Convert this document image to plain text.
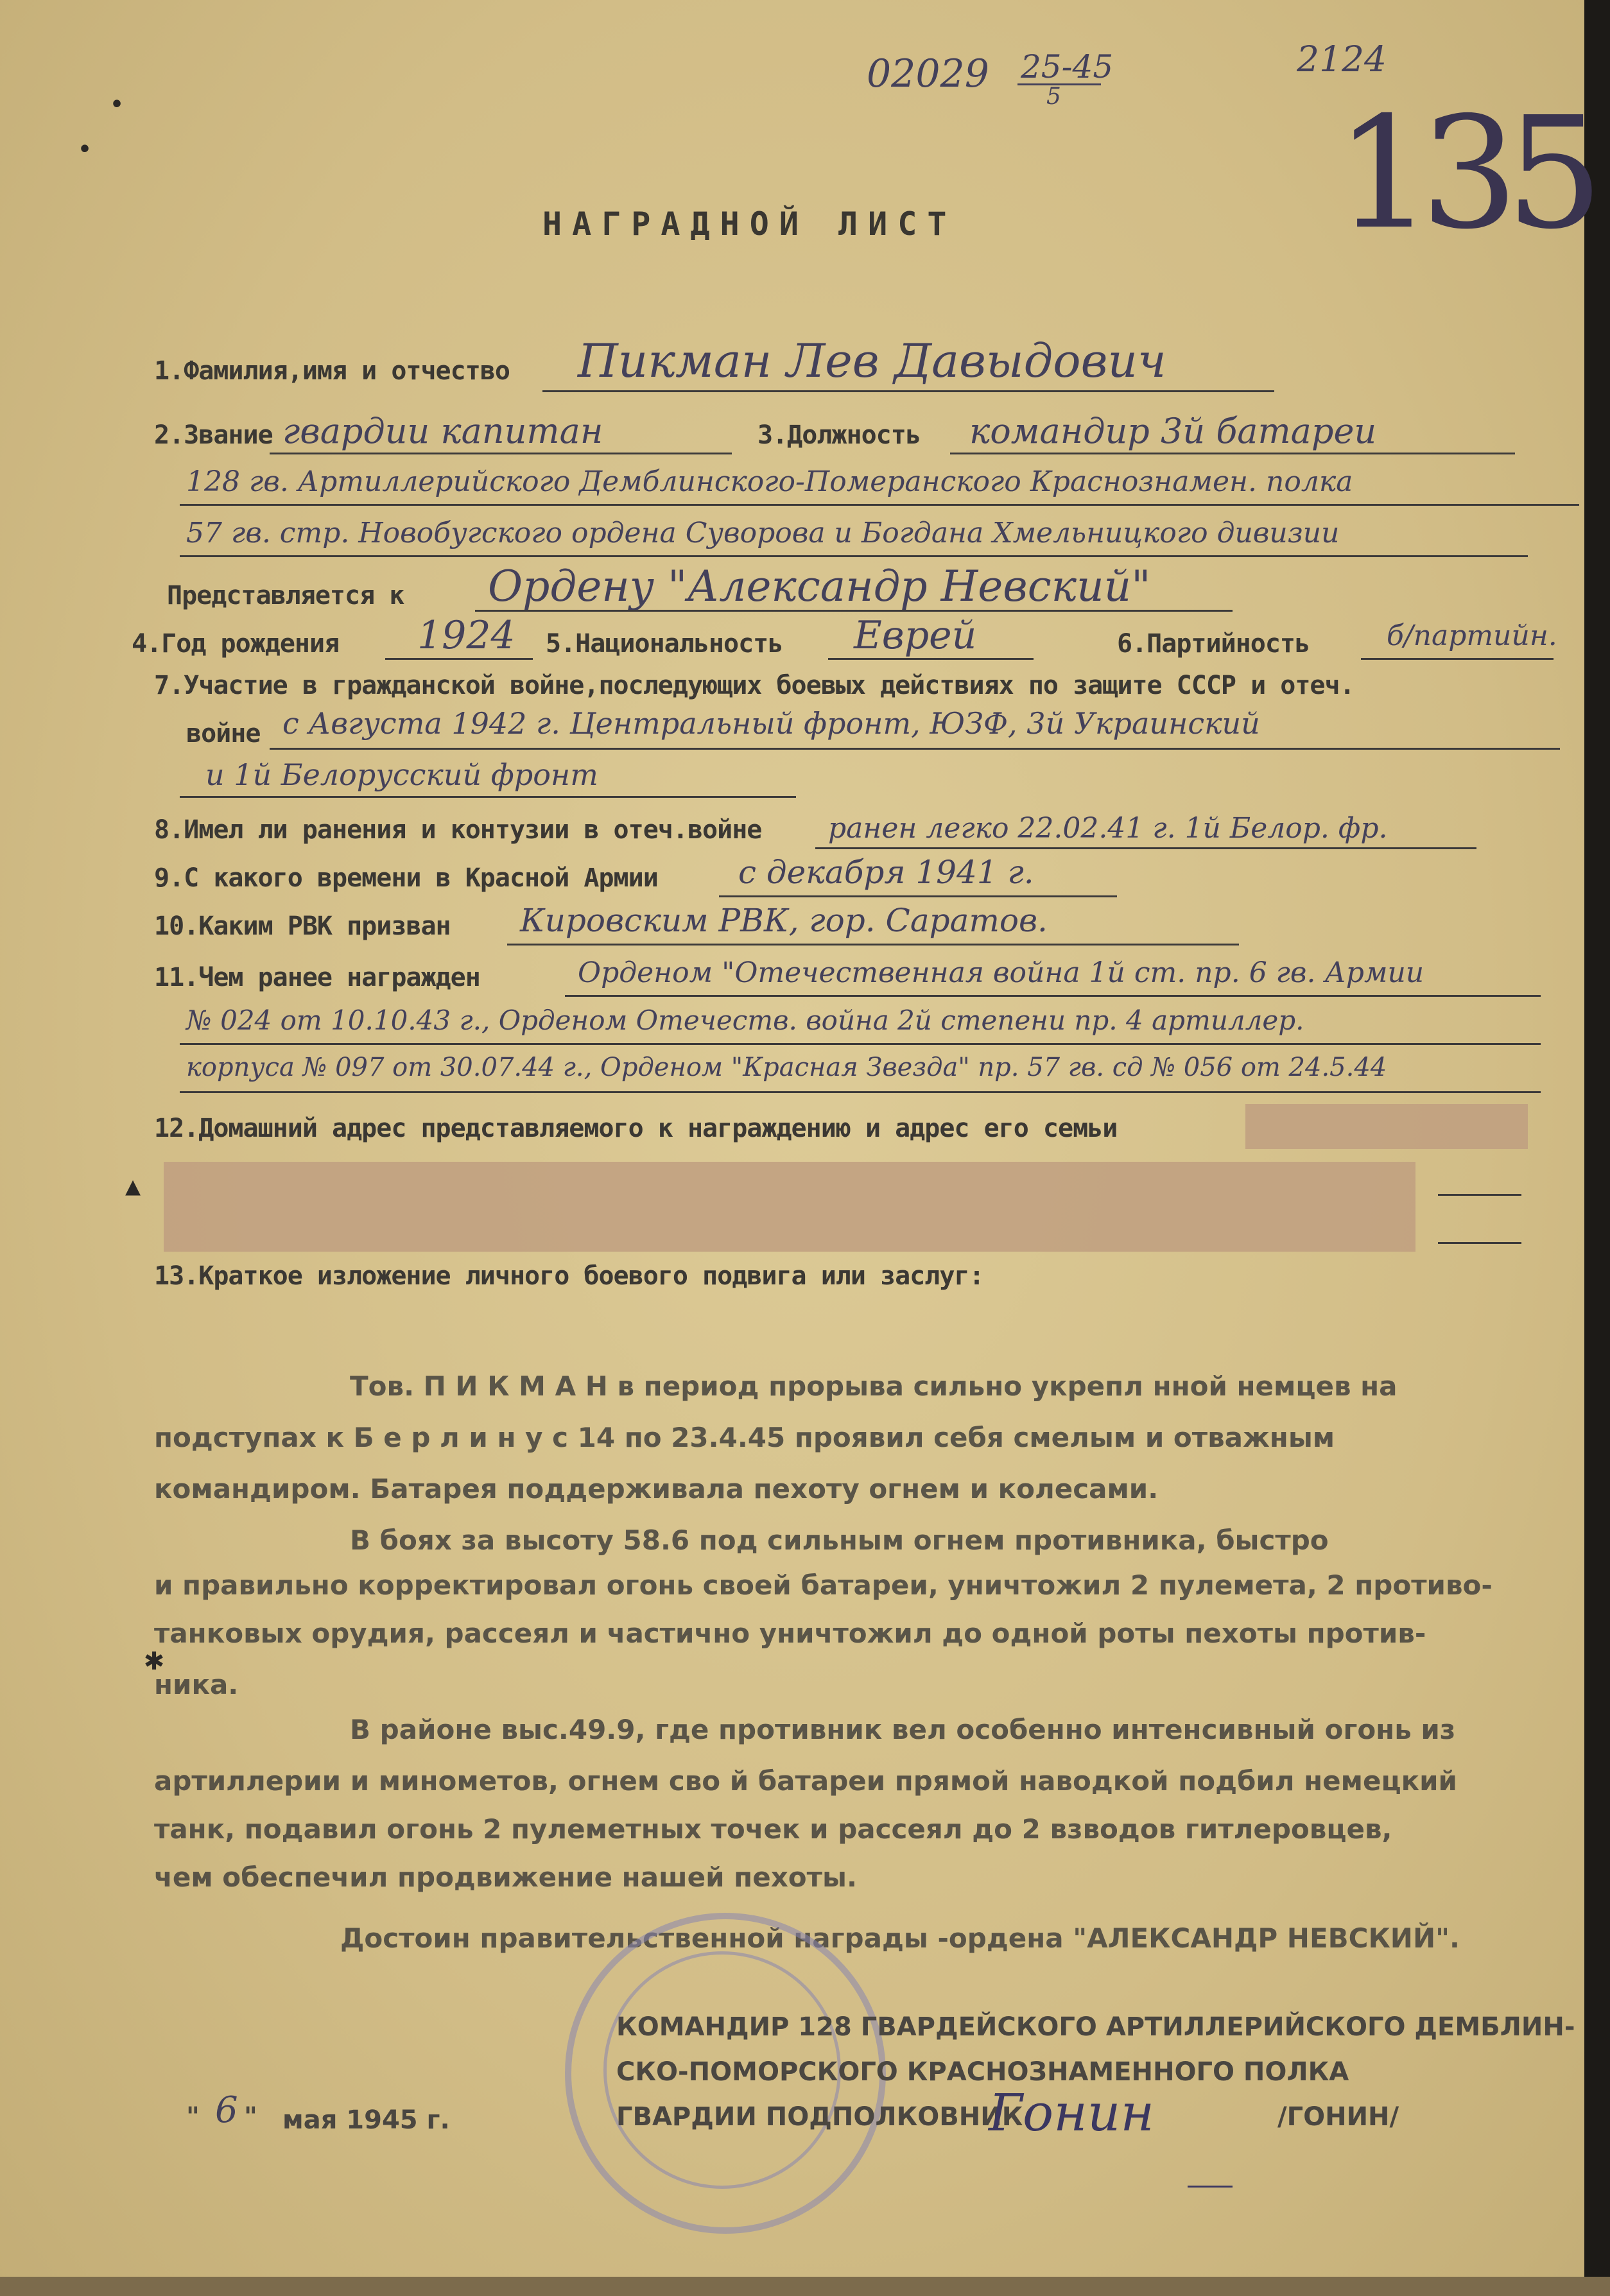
02029 25-45
5
2124
135
•
•
НАГРАДНОЙ ЛИСТ
1.Фамилия,имя и отчество Пикман Лев Давыдович
2.Звание гвардии капитан	3.Должность командир 3й батареи
128 гв. Артиллерийского Демблинского-Померанского Краснознамен. полка
57 гв. стр. Новобугского ордена Суворова и Богдана Хмельницкого дивизии
Представляется к Ордену "Александр Невский"
4.Год рождения 1924 5.Национальность Еврей	6.Партийность	б/партийн.
7.Участие в гражданской войне,последующих боевых действиях по защите СССР и отеч.
войне с Августа 1942 г. Центральный фронт, ЮЗФ, 3й Украинский
и 1й Белорусский фронт
8.Имел ли ранения и контузии в отеч.войне ранен легко 22.02.41 г. 1й Белор. фр.
9.С какого времени в Красной Армии	с декабря 1941 г.
10.Каким РВК призван Кировским РВК, гор. Саратов.
11.Чем ранее награжден	Орденом "Отечественная война 1й ст. пр. 6 гв. Армии
№ 024 от 10.10.43 г., Орденом Отечеств. война 2й степени пр. 4 артиллер.
корпуса № 097 от 30.07.44 г., Орденом "Красная Звезда" пр. 57 гв. сд № 056 от 24.5.44
12.Домашний адрес представляемого к награждению и адрес его семьи
▲
13.Краткое изложение личного боевого подвига или заслуг:
Тов. П И К М А Н в период прорыва сильно укрепл нной немцев на
подступах к Б е р л и н у с 14 по 23.4.45 проявил себя смелым и отважным
командиром. Батарея поддерживала пехоту огнем и колесами.
В боях за высоту 58.6 под сильным огнем противника, быстро
и правильно корректировал огонь своей батареи, уничтожил 2 пулемета, 2 противо-
танковых орудия, рассеял и частично уничтожил до одной роты пехоты против-
ника.
В районе выс.49.9, где противник вел особенно интенсивный огонь из
артиллерии и минометов, огнем сво й батареи прямой наводкой подбил немецкий
танк, подавил огонь 2 пулеметных точек и рассеял до 2 взводов гитлеровцев,
чем обеспечил продвижение нашей пехоты.
Достоин правительственной награды -ордена "АЛЕКСАНДР НЕВСКИЙ".
✱
КОМАНДИР 128 ГВАРДЕЙСКОГО АРТИЛЛЕРИЙСКОГО ДЕМБЛИН-
СКО-ПОМОРСКОГО КРАСНОЗНАМЕННОГО ПОЛКА
ГВАРДИИ ПОДПОЛКОВНИК
Гонин	/ГОНИН/
" 6 " мая 1945 г.
